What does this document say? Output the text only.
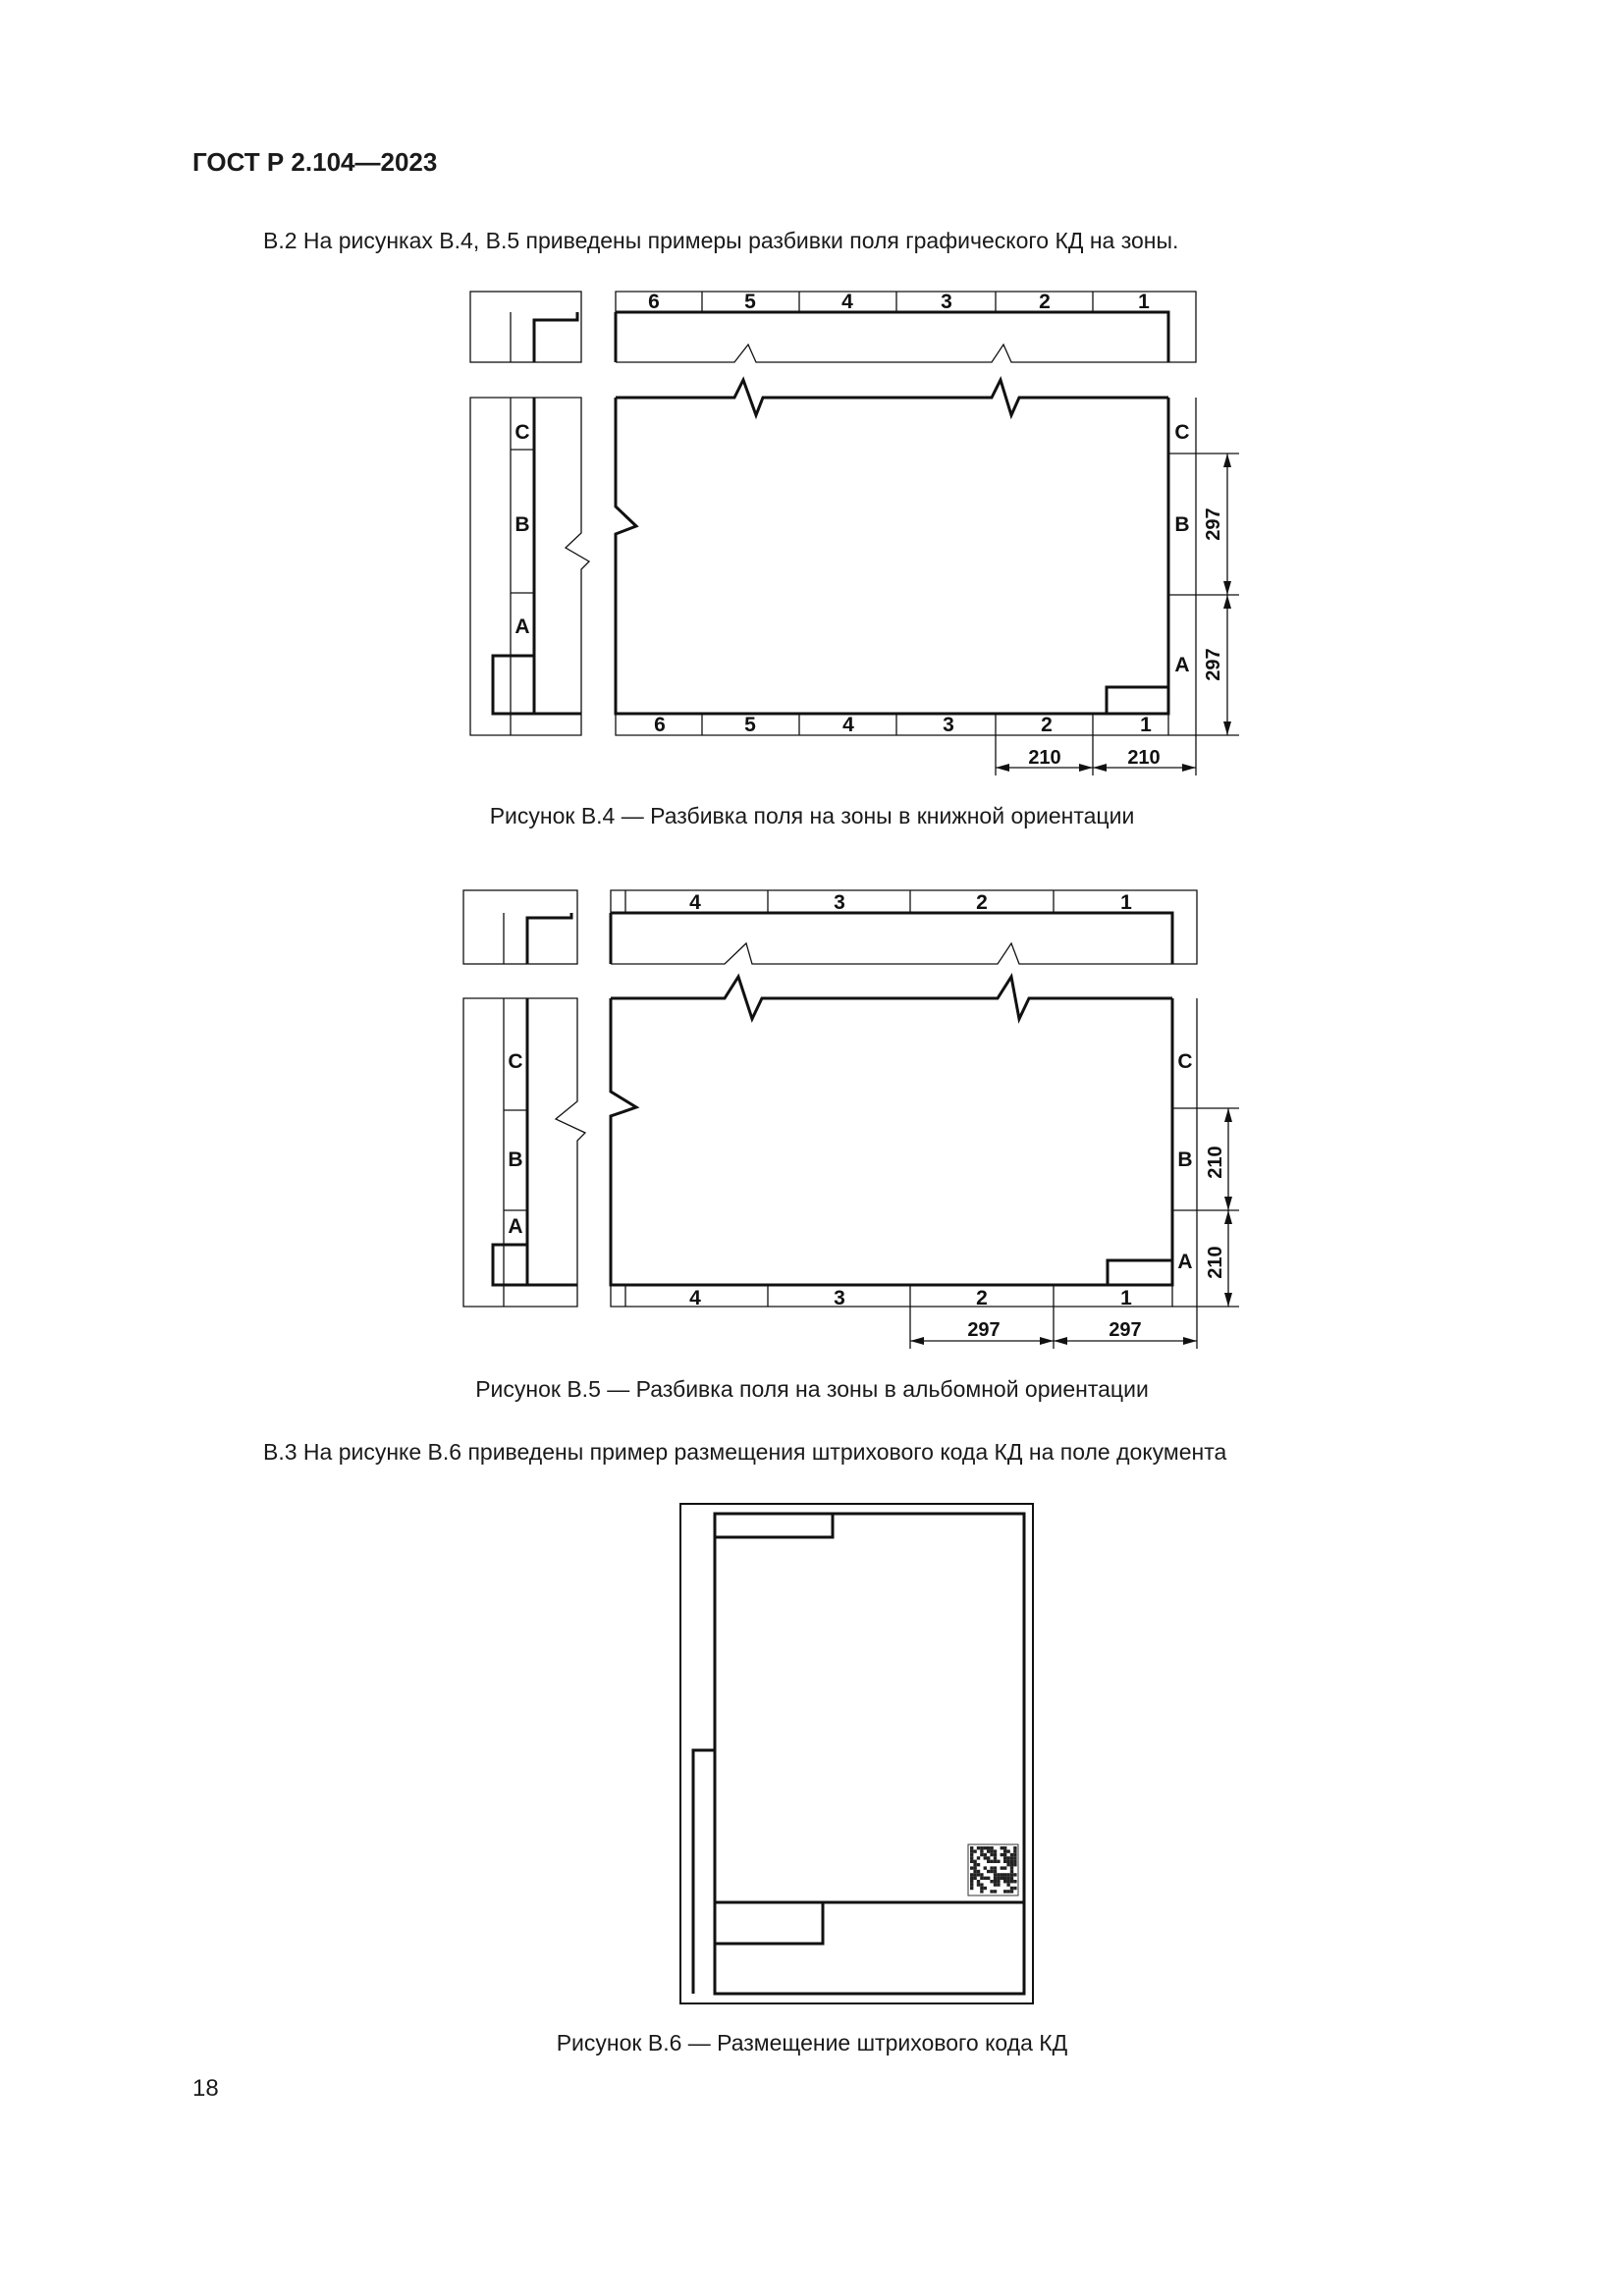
ГОСТ Р 2.104—2023

В.2 На рисунках В.4, В.5 приведены примеры разбивки поля графического КД на зоны.

6	5	4	3	2	1
6	5	4	3	2	1
C
B
A
C
B
A
297
297
210	210

Рисунок В.4 — Разбивка поля на зоны в книжной ориентации

4	3	2	1
4	3	2	1
C
B
A
C
B
A
210
210
297	297

Рисунок В.5 — Разбивка поля на зоны в альбомной ориентации

В.3 На рисунке В.6 приведены пример размещения штрихового кода КД на поле документа

Рисунок В.6 — Размещение штрихового кода КД

18
